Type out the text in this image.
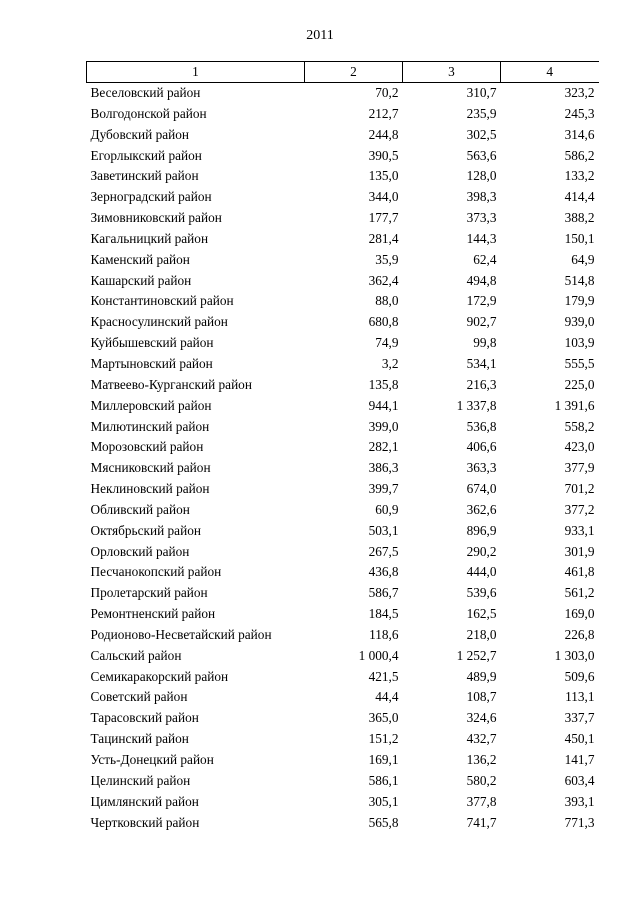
2011
1	2	3	4
Веселовский район	70,2	310,7	323,2
Волгодонской район	212,7	235,9	245,3
Дубовский район	244,8	302,5	314,6
Егорлыкский район	390,5	563,6	586,2
Заветинский район	135,0	128,0	133,2
Зерноградский район	344,0	398,3	414,4
Зимовниковский район	177,7	373,3	388,2
Кагальницкий район	281,4	144,3	150,1
Каменский район	35,9	62,4	64,9
Кашарский район	362,4	494,8	514,8
Константиновский район	88,0	172,9	179,9
Красносулинский район	680,8	902,7	939,0
Куйбышевский район	74,9	99,8	103,9
Мартыновский район	3,2	534,1	555,5
Матвеево-Курганский район	135,8	216,3	225,0
Миллеровский район	944,1	1 337,8	1 391,6
Милютинский район	399,0	536,8	558,2
Морозовский район	282,1	406,6	423,0
Мясниковский район	386,3	363,3	377,9
Неклиновский район	399,7	674,0	701,2
Обливский район	60,9	362,6	377,2
Октябрьский район	503,1	896,9	933,1
Орловский район	267,5	290,2	301,9
Песчанокопский район	436,8	444,0	461,8
Пролетарский район	586,7	539,6	561,2
Ремонтненский район	184,5	162,5	169,0
Родионово-Несветайский район	118,6	218,0	226,8
Сальский район	1 000,4	1 252,7	1 303,0
Семикаракорский район	421,5	489,9	509,6
Советский район	44,4	108,7	113,1
Тарасовский район	365,0	324,6	337,7
Тацинский район	151,2	432,7	450,1
Усть-Донецкий район	169,1	136,2	141,7
Целинский район	586,1	580,2	603,4
Цимлянский район	305,1	377,8	393,1
Чертковский район	565,8	741,7	771,3
